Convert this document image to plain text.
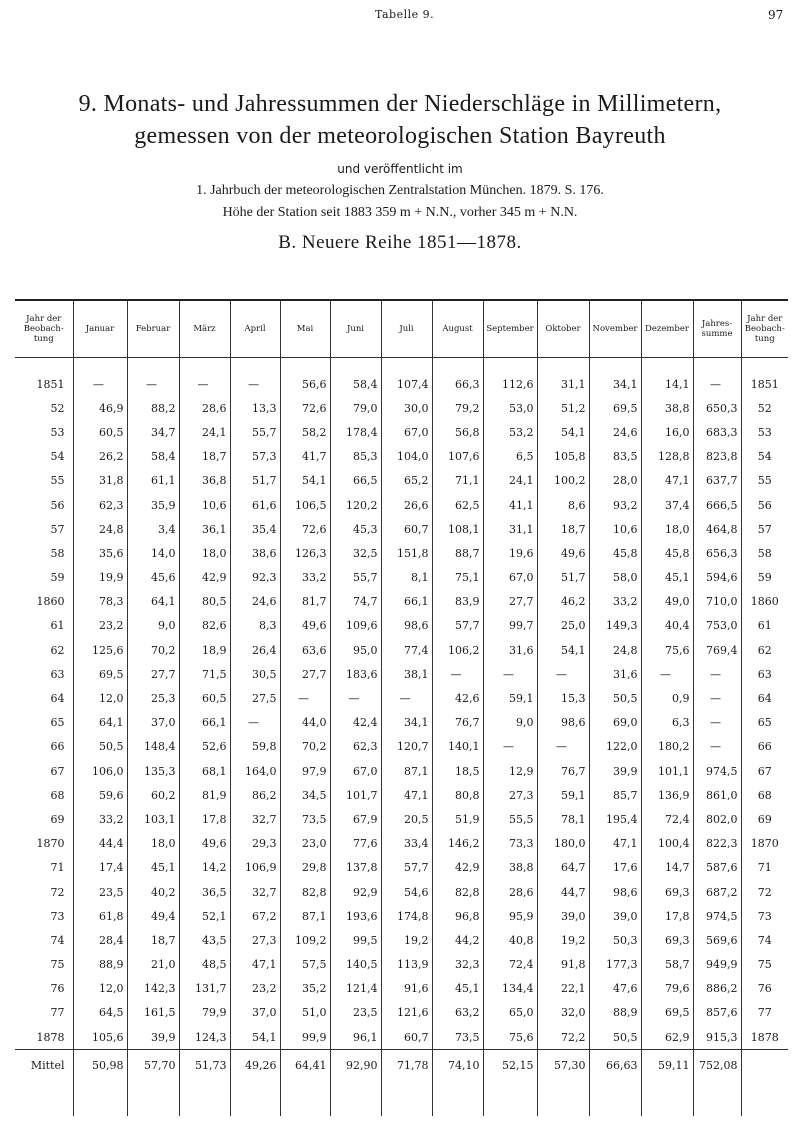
Tabelle 9.	97
9. Monats- und Jahressummen der Niederschläge in Millimetern,
gemessen von der meteorologischen Station Bayreuth
und veröffentlicht im
1. Jahrbuch der meteorologischen Zentralstation München. 1879. S. 176.
Höhe der Station seit 1883 359 m + N.N., vorher 345 m + N.N.
B. Neuere Reihe 1851—1878.
Jahr der Beobach-tung	Januar	Februar	März	April	Mai	Juni	Juli	August	September	Oktober	November	Dezember	Jahres-summe	Jahr der Beobach-tung

1851	—	—	—	—	56,6	58,4	107,4	66,3	112,6	31,1	34,1	14,1	—	1851
52	46,9	88,2	28,6	13,3	72,6	79,0	30,0	79,2	53,0	51,2	69,5	38,8	650,3	52
53	60,5	34,7	24,1	55,7	58,2	178,4	67,0	56,8	53,2	54,1	24,6	16,0	683,3	53
54	26,2	58,4	18,7	57,3	41,7	85,3	104,0	107,6	6,5	105,8	83,5	128,8	823,8	54
55	31,8	61,1	36,8	51,7	54,1	66,5	65,2	71,1	24,1	100,2	28,0	47,1	637,7	55
56	62,3	35,9	10,6	61,6	106,5	120,2	26,6	62,5	41,1	8,6	93,2	37,4	666,5	56
57	24,8	3,4	36,1	35,4	72,6	45,3	60,7	108,1	31,1	18,7	10,6	18,0	464,8	57
58	35,6	14,0	18,0	38,6	126,3	32,5	151,8	88,7	19,6	49,6	45,8	45,8	656,3	58
59	19,9	45,6	42,9	92,3	33,2	55,7	8,1	75,1	67,0	51,7	58,0	45,1	594,6	59
1860	78,3	64,1	80,5	24,6	81,7	74,7	66,1	83,9	27,7	46,2	33,2	49,0	710,0	1860
61	23,2	9,0	82,6	8,3	49,6	109,6	98,6	57,7	99,7	25,0	149,3	40,4	753,0	61
62	125,6	70,2	18,9	26,4	63,6	95,0	77,4	106,2	31,6	54,1	24,8	75,6	769,4	62
63	69,5	27,7	71,5	30,5	27,7	183,6	38,1	—	—	—	31,6	—	—	63
64	12,0	25,3	60,5	27,5	—	—	—	42,6	59,1	15,3	50,5	0,9	—	64
65	64,1	37,0	66,1	—	44,0	42,4	34,1	76,7	9,0	98,6	69,0	6,3	—	65
66	50,5	148,4	52,6	59,8	70,2	62,3	120,7	140,1	—	—	122,0	180,2	—	66
67	106,0	135,3	68,1	164,0	97,9	67,0	87,1	18,5	12,9	76,7	39,9	101,1	974,5	67
68	59,6	60,2	81,9	86,2	34,5	101,7	47,1	80,8	27,3	59,1	85,7	136,9	861,0	68
69	33,2	103,1	17,8	32,7	73,5	67,9	20,5	51,9	55,5	78,1	195,4	72,4	802,0	69
1870	44,4	18,0	49,6	29,3	23,0	77,6	33,4	146,2	73,3	180,0	47,1	100,4	822,3	1870
71	17,4	45,1	14,2	106,9	29,8	137,8	57,7	42,9	38,8	64,7	17,6	14,7	587,6	71
72	23,5	40,2	36,5	32,7	82,8	92,9	54,6	82,8	28,6	44,7	98,6	69,3	687,2	72
73	61,8	49,4	52,1	67,2	87,1	193,6	174,8	96,8	95,9	39,0	39,0	17,8	974,5	73
74	28,4	18,7	43,5	27,3	109,2	99,5	19,2	44,2	40,8	19,2	50,3	69,3	569,6	74
75	88,9	21,0	48,5	47,1	57,5	140,5	113,9	32,3	72,4	91,8	177,3	58,7	949,9	75
76	12,0	142,3	131,7	23,2	35,2	121,4	91,6	45,1	134,4	22,1	47,6	79,6	886,2	76
77	64,5	161,5	79,9	37,0	51,0	23,5	121,6	63,2	65,0	32,0	88,9	69,5	857,6	77
1878	105,6	39,9	124,3	54,1	99,9	96,1	60,7	73,5	75,6	72,2	50,5	62,9	915,3	1878
Mittel	50,98	57,70	51,73	49,26	64,41	92,90	71,78	74,10	52,15	57,30	66,63	59,11	752,08	
